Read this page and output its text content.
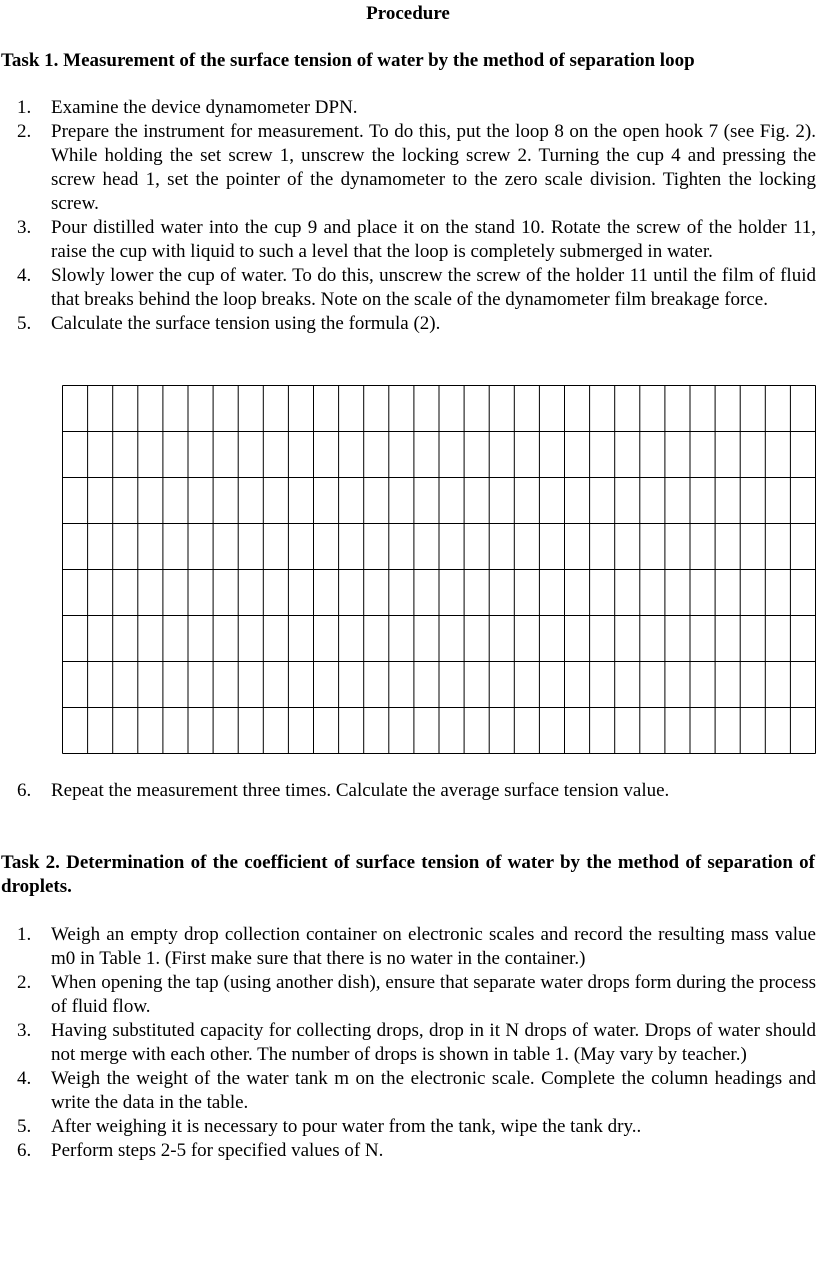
Procedure
Task 1. Measurement of the surface tension of water by the method of separation loop
1.	Examine the device dynamometer DPN.
2.	Prepare the instrument for measurement. To do this, put the loop 8 on the open hook 7 (see Fig. 2). While holding the set screw 1, unscrew the locking screw 2. Turning the cup 4 and pressing the screw head 1, set the pointer of the dynamometer to the zero scale division. Tighten the locking screw.
3.	Pour distilled water into the cup 9 and place it on the stand 10. Rotate the screw of the holder 11, raise the cup with liquid to such a level that the loop is completely submerged in water.
4.	Slowly lower the cup of water. To do this, unscrew the screw of the holder 11 until the film of fluid that breaks behind the loop breaks. Note on the scale of the dynamometer film breakage force.
5.	Calculate the surface tension using the formula (2).
6.	Repeat the measurement three times. Calculate the average surface tension value.
Task 2. Determination of the coefficient of surface tension of water by the method of separation of droplets.
1.	Weigh an empty drop collection container on electronic scales and record the resulting mass value m0 in Table 1. (First make sure that there is no water in the container.)
2.	When opening the tap (using another dish), ensure that separate water drops form during the process of fluid flow.
3.	Having substituted capacity for collecting drops, drop in it N drops of water. Drops of water should not merge with each other. The number of drops is shown in table 1. (May vary by teacher.)
4.	Weigh the weight of the water tank m on the electronic scale. Complete the column headings and write the data in the table.
5.	After weighing it is necessary to pour water from the tank, wipe the tank dry..
6.	Perform steps 2-5 for specified values of N.
